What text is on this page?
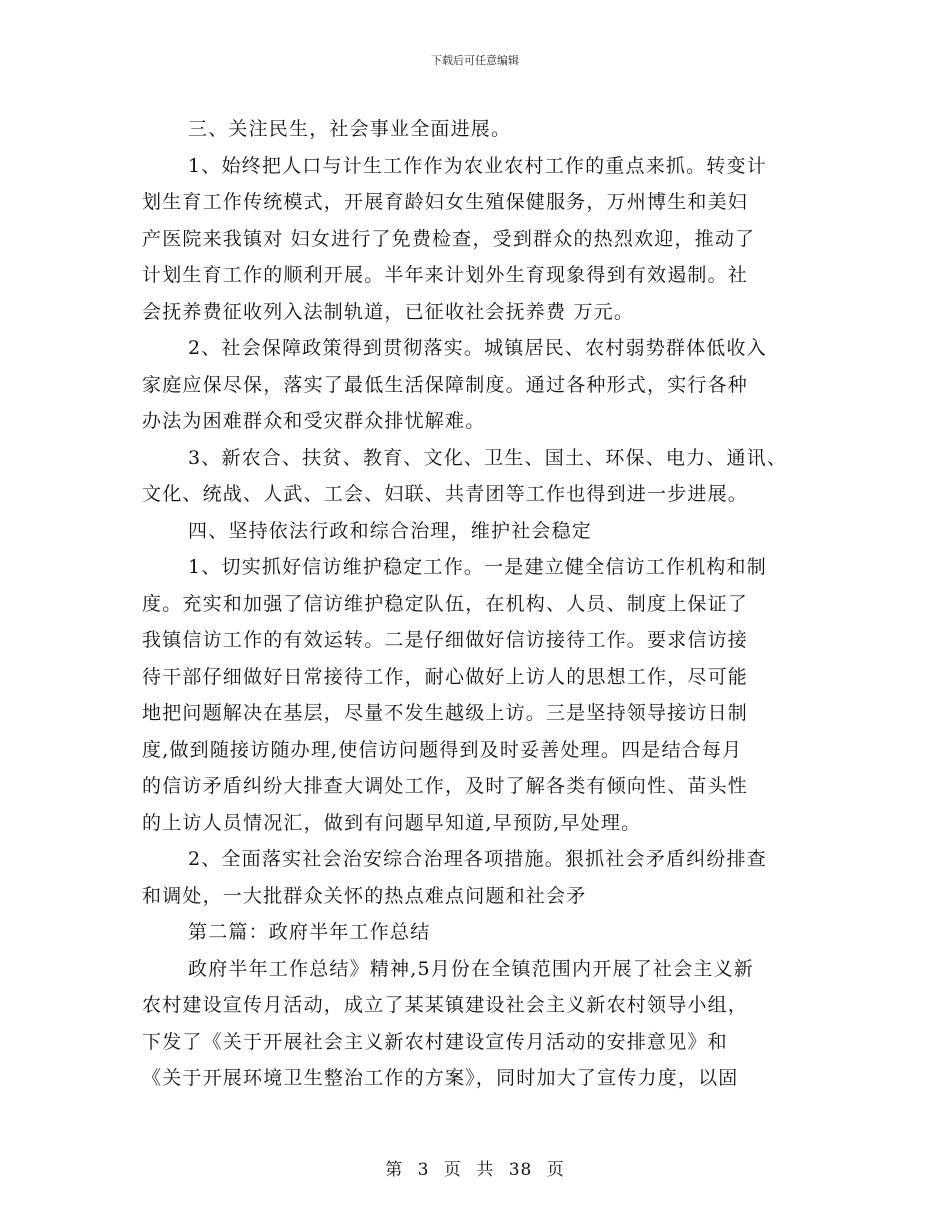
下载后可任意编辑
三、关注民生，社会事业全面进展。
1、始终把人口与计生工作作为农业农村工作的重点来抓。转变计
划生育工作传统模式，开展育龄妇女生殖保健服务，万州博生和美妇
产医院来我镇对 妇女进行了免费检查，受到群众的热烈欢迎，推动了
计划生育工作的顺利开展。半年来计划外生育现象得到有效遏制。社
会抚养费征收列入法制轨道，已征收社会抚养费 万元。
2、社会保障政策得到贯彻落实。城镇居民、农村弱势群体低收入
家庭应保尽保，落实了最低生活保障制度。通过各种形式，实行各种
办法为困难群众和受灾群众排忧解难。
3、新农合、扶贫、教育、文化、卫生、国土、环保、电力、通讯、
文化、统战、人武、工会、妇联、共青团等工作也得到进一步进展。
四、坚持依法行政和综合治理，维护社会稳定
1、切实抓好信访维护稳定工作。一是建立健全信访工作机构和制
度。充实和加强了信访维护稳定队伍，在机构、人员、制度上保证了
我镇信访工作的有效运转。二是仔细做好信访接待工作。要求信访接
待干部仔细做好日常接待工作，耐心做好上访人的思想工作，尽可能
地把问题解决在基层，尽量不发生越级上访。三是坚持领导接访日制
度,做到随接访随办理,使信访问题得到及时妥善处理。四是结合每月
的信访矛盾纠纷大排查大调处工作，及时了解各类有倾向性、苗头性
的上访人员情况汇，做到有问题早知道,早预防,早处理。
2、全面落实社会治安综合治理各项措施。狠抓社会矛盾纠纷排查
和调处，一大批群众关怀的热点难点问题和社会矛
第二篇：政府半年工作总结
政府半年工作总结》精神,5月份在全镇范围内开展了社会主义新
农村建设宣传月活动，成立了某某镇建设社会主义新农村领导小组，
下发了《关于开展社会主义新农村建设宣传月活动的安排意见》和
《关于开展环境卫生整治工作的方案》，同时加大了宣传力度，以固
第 3 页 共 38 页
